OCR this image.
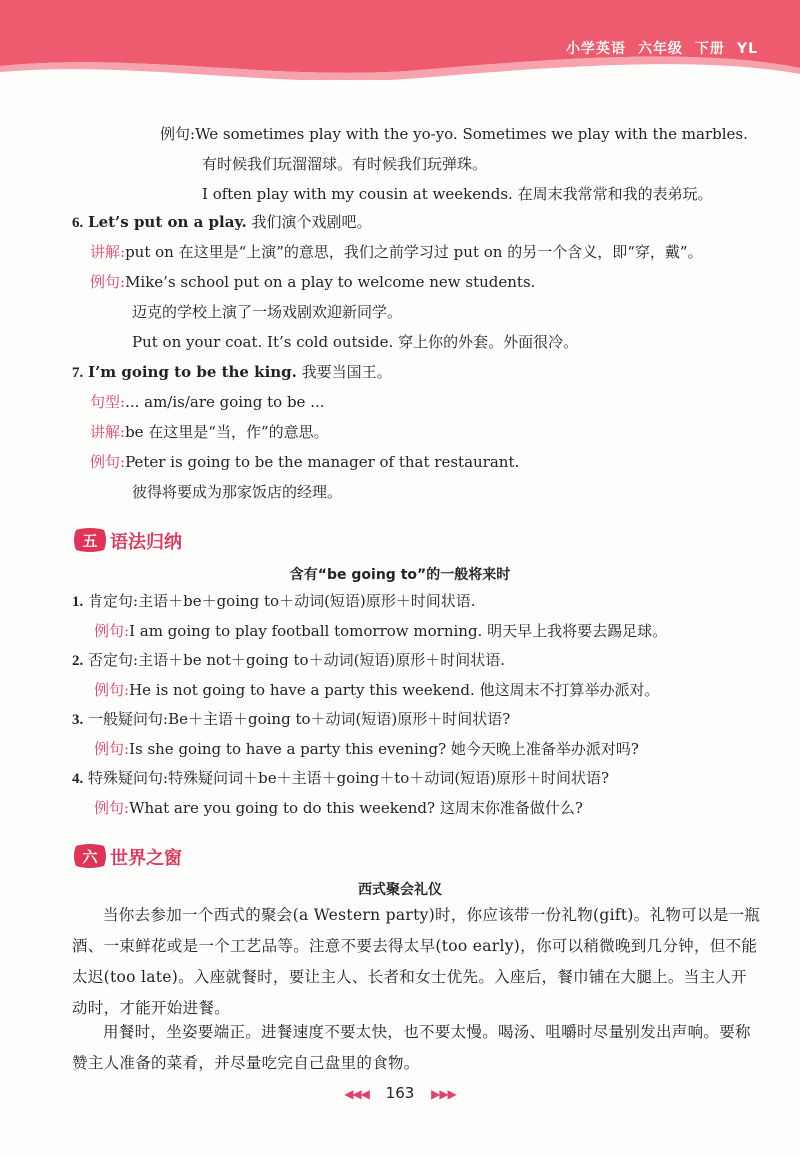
小学英语 六年级 下册 YL
例句:We sometimes play with the yo-yo. Sometimes we play with the marbles.
有时候我们玩溜溜球。有时候我们玩弹珠。
I often play with my cousin at weekends. 在周末我常常和我的表弟玩。
6. Let’s put on a play. 我们演个戏剧吧。
讲解:put on 在这里是“上演”的意思，我们之前学习过 put on 的另一个含义，即“穿，戴”。
例句:Mike’s school put on a play to welcome new students.
迈克的学校上演了一场戏剧欢迎新同学。
Put on your coat. It’s cold outside. 穿上你的外套。外面很冷。
7. I’m going to be the king. 我要当国王。
句型:... am/is/are going to be ...
讲解:be 在这里是“当，作”的意思。
例句:Peter is going to be the manager of that restaurant.
彼得将要成为那家饭店的经理。
五 语法归纳
含有“be going to”的一般将来时
1. 肯定句:主语＋be＋going to＋动词(短语)原形＋时间状语.
例句:I am going to play football tomorrow morning. 明天早上我将要去踢足球。
2. 否定句:主语＋be not＋going to＋动词(短语)原形＋时间状语.
例句:He is not going to have a party this weekend. 他这周末不打算举办派对。
3. 一般疑问句:Be＋主语＋going to＋动词(短语)原形＋时间状语?
例句:Is she going to have a party this evening? 她今天晚上准备举办派对吗?
4. 特殊疑问句:特殊疑问词＋be＋主语＋going＋to＋动词(短语)原形＋时间状语?
例句:What are you going to do this weekend? 这周末你准备做什么?
六 世界之窗
西式聚会礼仪
当你去参加一个西式的聚会(a Western party)时，你应该带一份礼物(gift)。礼物可以是一瓶酒、一束鲜花或是一个工艺品等。注意不要去得太早(too early)，你可以稍微晚到几分钟，但不能太迟(too late)。入座就餐时，要让主人、长者和女士优先。入座后，餐巾铺在大腿上。当主人开动时，才能开始进餐。
用餐时，坐姿要端正。进餐速度不要太快，也不要太慢。喝汤、咀嚼时尽量别发出声响。要称赞主人准备的菜肴，并尽量吃完自己盘里的食物。
◀◀◀ 163 ▶▶▶
